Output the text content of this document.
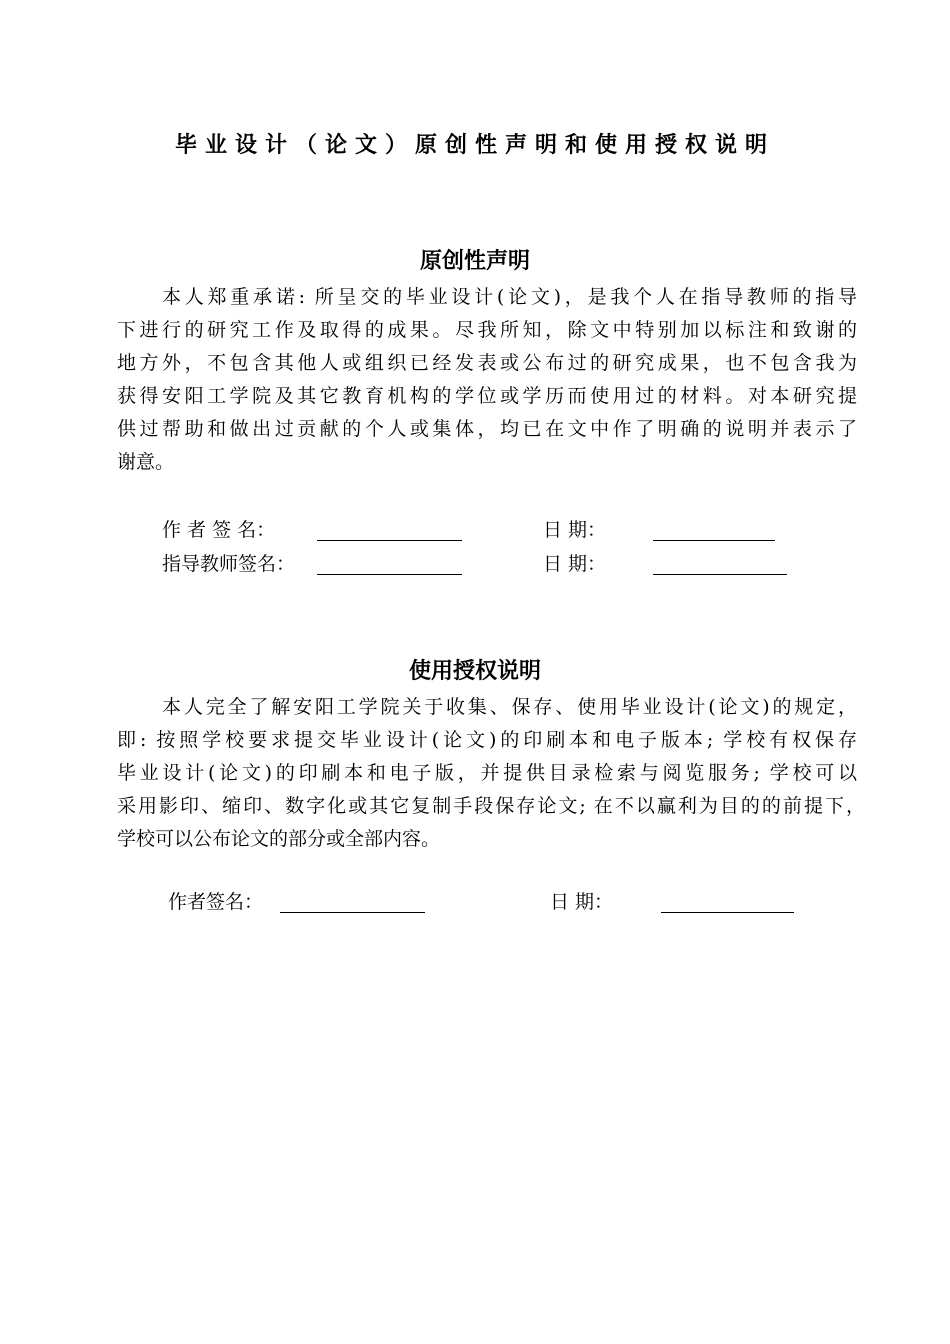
毕业设计（论文）原创性声明和使用授权说明
原创性声明
本人郑重承诺: 所呈交的毕业设计(论文)，是我个人在指导教师的指导
下进行的研究工作及取得的成果。尽我所知，除文中特别加以标注和致谢的
地方外，不包含其他人或组织已经发表或公布过的研究成果，也不包含我为
获得安阳工学院及其它教育机构的学位或学历而使用过的材料。对本研究提
供过帮助和做出过贡献的个人或集体，均已在文中作了明确的说明并表示了
谢意。
作 者 签 名：	日 期：
指导教师签名：	日 期：
使用授权说明
本人完全了解安阳工学院关于收集、保存、使用毕业设计(论文)的规定，
即: 按照学校要求提交毕业设计(论文)的印刷本和电子版本; 学校有权保存
毕业设计(论文)的印刷本和电子版，并提供目录检索与阅览服务; 学校可以
采用影印、缩印、数字化或其它复制手段保存论文; 在不以赢利为目的的前提下，
学校可以公布论文的部分或全部内容。
作者签名：	日 期：
